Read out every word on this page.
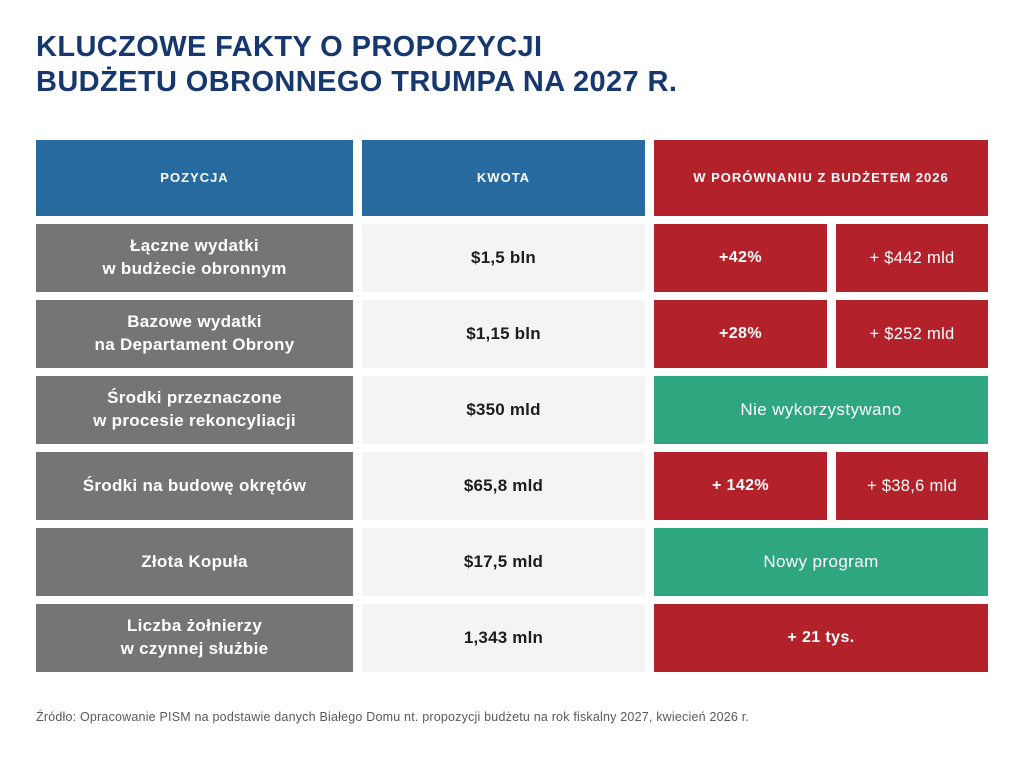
KLUCZOWE FAKTY O PROPOZYCJI
BUDŻETU OBRONNEGO TRUMPA NA 2027 R.
POZYCJA	KWOTA	W PORÓWNANIU Z BUDŻETEM 2026
Łączne wydatki
w budżecie obronnym
$1,5 bln	+42%	+ $442 mld
Bazowe wydatki
na Departament Obrony
$1,15 bln	+28%	+ $252 mld
Środki przeznaczone
w procesie rekoncyliacji
$350 mld	Nie wykorzystywano
Środki na budowę okrętów	$65,8 mld	+ 142%	+ $38,6 mld
Złota Kopuła	$17,5 mld	Nowy program
Liczba żołnierzy
w czynnej służbie
1,343 mln	+ 21 tys.
Źródło: Opracowanie PISM na podstawie danych Białego Domu nt. propozycji budżetu na rok fiskalny 2027, kwiecień 2026 r.
